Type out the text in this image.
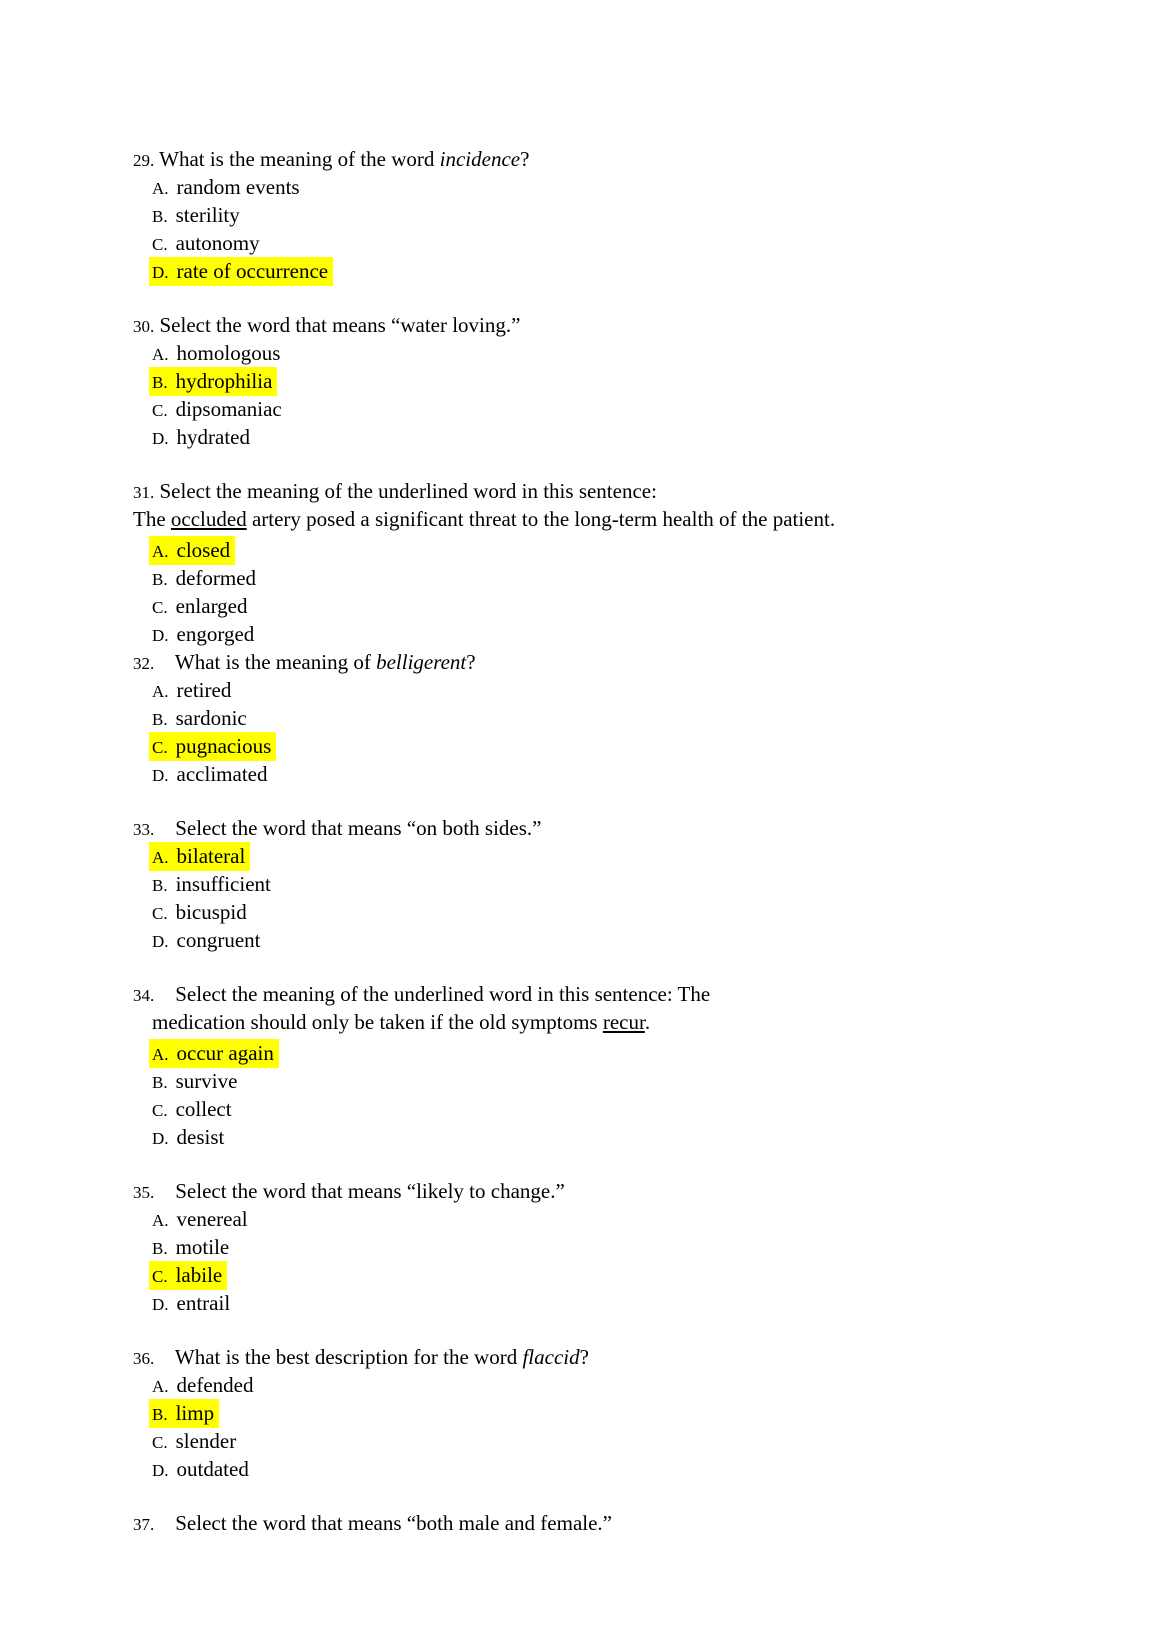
29. What is the meaning of the word incidence?
A. random events
B. sterility
C. autonomy
D. rate of occurrence
30. Select the word that means “water loving.”
A. homologous
B. hydrophilia
C. dipsomaniac
D. hydrated
31. Select the meaning of the underlined word in this sentence:
The occluded artery posed a significant threat to the long-term health of the patient.
A. closed
B. deformed
C. enlarged
D. engorged
32. What is the meaning of belligerent?
A. retired
B. sardonic
C. pugnacious
D. acclimated
33. Select the word that means “on both sides.”
A. bilateral
B. insufficient
C. bicuspid
D. congruent
34. Select the meaning of the underlined word in this sentence: The
medication should only be taken if the old symptoms recur.
A. occur again
B. survive
C. collect
D. desist
35. Select the word that means “likely to change.”
A. venereal
B. motile
C. labile
D. entrail
36. What is the best description for the word flaccid?
A. defended
B. limp
C. slender
D. outdated
37. Select the word that means “both male and female.”
